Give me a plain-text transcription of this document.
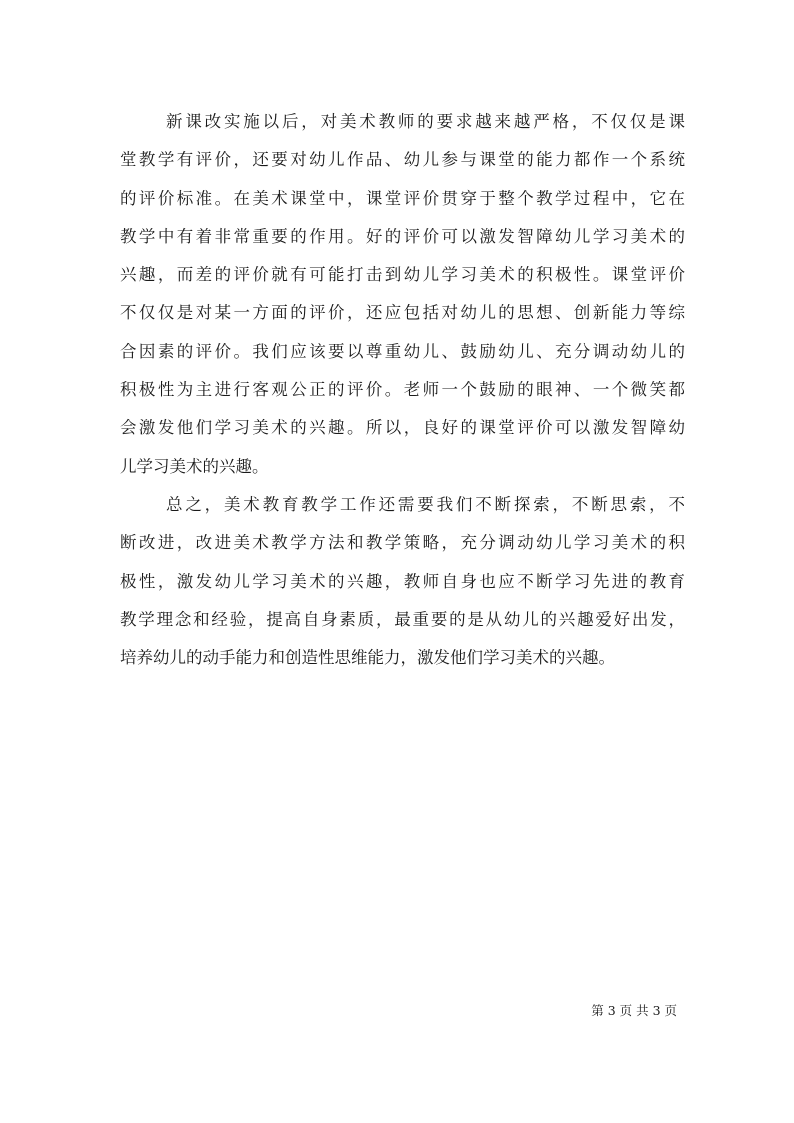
新课改实施以后，对美术教师的要求越来越严格，不仅仅是课
堂教学有评价，还要对幼儿作品、幼儿参与课堂的能力都作一个系统
的评价标准。在美术课堂中，课堂评价贯穿于整个教学过程中，它在
教学中有着非常重要的作用。好的评价可以激发智障幼儿学习美术的
兴趣，而差的评价就有可能打击到幼儿学习美术的积极性。课堂评价
不仅仅是对某一方面的评价，还应包括对幼儿的思想、创新能力等综
合因素的评价。我们应该要以尊重幼儿、鼓励幼儿、充分调动幼儿的
积极性为主进行客观公正的评价。老师一个鼓励的眼神、一个微笑都
会激发他们学习美术的兴趣。所以，良好的课堂评价可以激发智障幼
儿学习美术的兴趣。
总之，美术教育教学工作还需要我们不断探索，不断思索，不
断改进，改进美术教学方法和教学策略，充分调动幼儿学习美术的积
极性，激发幼儿学习美术的兴趣，教师自身也应不断学习先进的教育
教学理念和经验，提高自身素质，最重要的是从幼儿的兴趣爱好出发，
培养幼儿的动手能力和创造性思维能力，激发他们学习美术的兴趣。
第 3 页 共 3 页
